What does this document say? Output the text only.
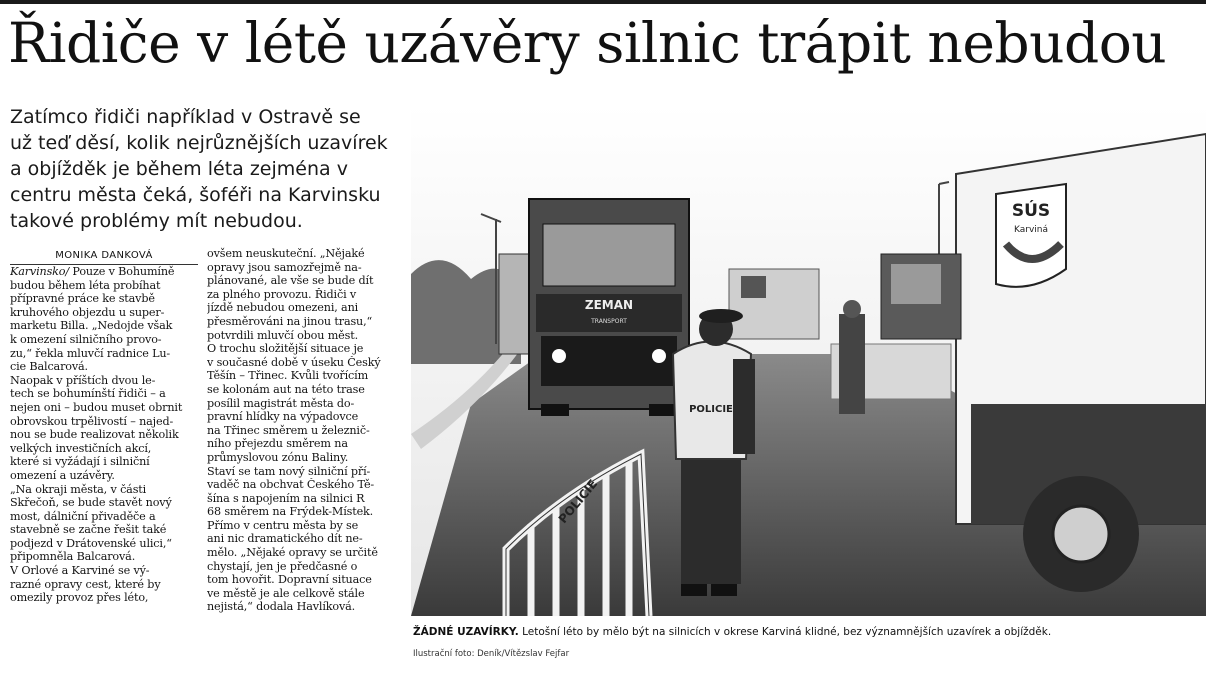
Řidiče v létě uzávěry silnic trápit nebudou
Zatímco řidiči například v Ostravě se
už teď děsí, kolik nejrůznějších uzavírek
a objížděk je během léta zejména v
centru města čeká, šoféři na Karvinsku
takové problémy mít nebudou.
MONIKA DANKOVÁ
Karvinsko/ Pouze v Bohumíně
budou během léta probíhat
přípravné práce ke stavbě
kruhového objezdu u super-
marketu Billa. „Nedojde však
k omezení silničního provo-
zu,“ řekla mluvčí radnice Lu-
cie Balcarová.
Naopak v příštích dvou le-
tech se bohumínští řidiči – a
nejen oni – budou muset obrnit
obrovskou trpělivostí – najed-
nou se bude realizovat několik
velkých investičních akcí,
které si vyžádají i silniční
omezení a uzávěry.
„Na okraji města, v části
Skřečoň, se bude stavět nový
most, dálniční přivaděče a
stavebně se začne řešit také
podjezd v Drátovenské ulici,“
připomněla Balcarová.
V Orlové a Karviné se vý-
razné opravy cest, které by
omezily provoz přes léto,
ovšem neuskuteční. „Nějaké
opravy jsou samozřejmě na-
plánované, ale vše se bude dít
za plného provozu. Řidiči v
jízdě nebudou omezeni, ani
přesměrováni na jinou trasu,“
potvrdili mluvčí obou měst.
O trochu složitější situace je
v současné době v úseku Český
Těšín – Třinec. Kvůli tvořícím
se kolonám aut na této trase
posílil magistrát města do-
pravní hlídky na výpadovce
na Třinec směrem u železnič-
ního přejezdu směrem na
průmyslovou zónu Baliny.
Staví se tam nový silniční pří-
vaděč na obchvat Českého Tě-
šína s napojením na silnici R
68 směrem na Frýdek-Místek.
Přímo v centru města by se
ani nic dramatického dít ne-
mělo. „Nějaké opravy se určitě
chystají, jen je předčasné o
tom hovořit. Dopravní situace
ve městě je ale celkově stále
nejistá,“ dodala Havlíková.
ZEMAN
TRANSPORT
SÚS
Karviná
POLICIE
POLICIE
ŽÁDNÉ UZAVÍRKY. Letošní léto by mělo být na silnicích v okrese Karviná klidné, bez významnějších uzavírek a objížděk.
Ilustrační foto: Deník/Vítězslav Fejfar
